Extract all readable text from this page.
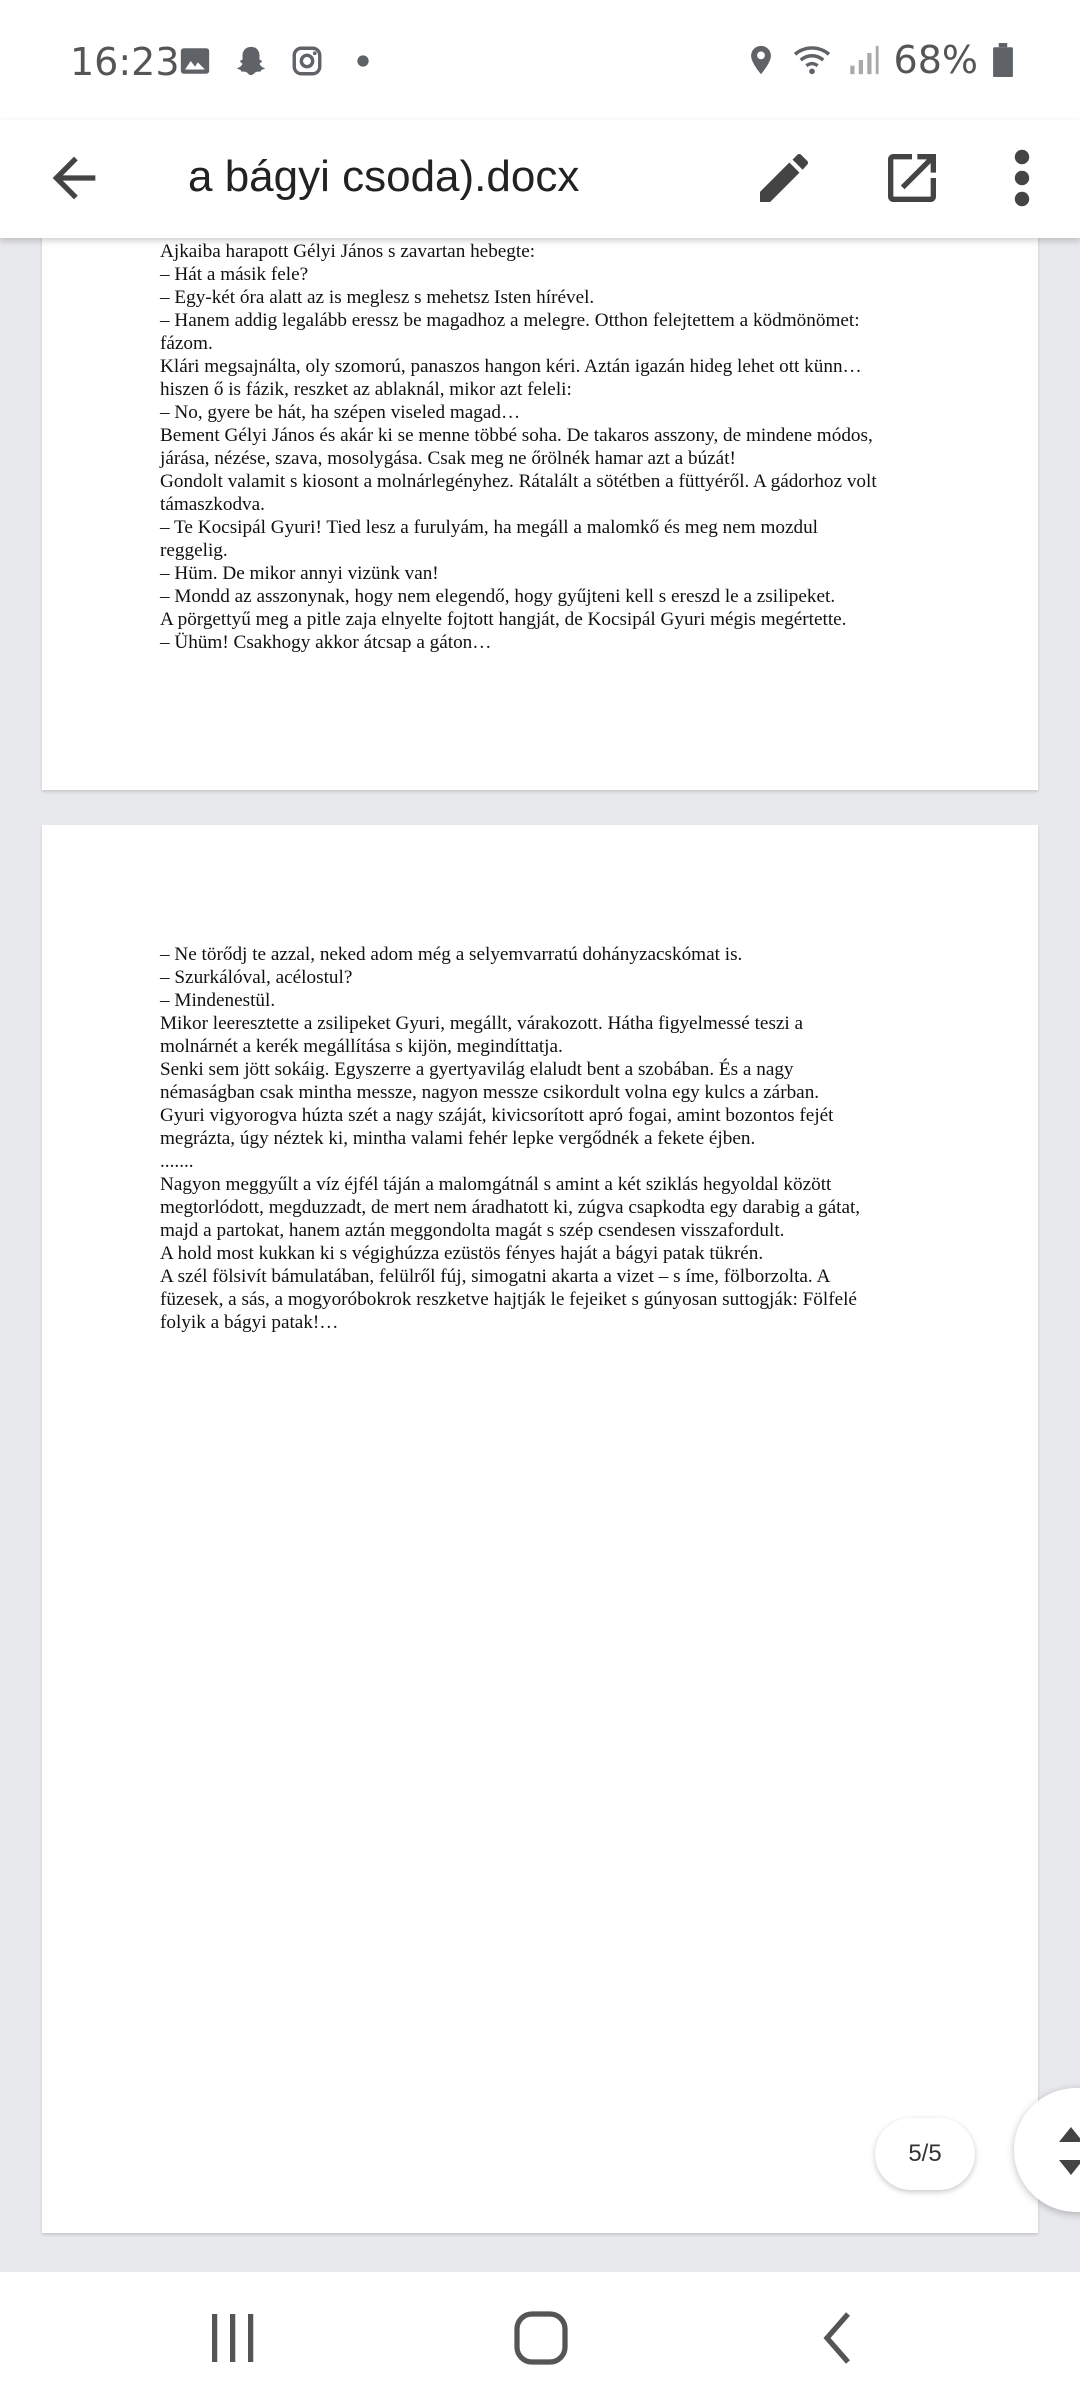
16:23	68%
a bágyi csoda).docx
Ajkaiba harapott Gélyi János s zavartan hebegte:
– Hát a másik fele?
– Egy-két óra alatt az is meglesz s mehetsz Isten hírével.
– Hanem addig legalább eressz be magadhoz a melegre. Otthon felejtettem a ködmönömet:
fázom.
Klári megsajnálta, oly szomorú, panaszos hangon kéri. Aztán igazán hideg lehet ott künn…
hiszen ő is fázik, reszket az ablaknál, mikor azt feleli:
– No, gyere be hát, ha szépen viseled magad…
Bement Gélyi János és akár ki se menne többé soha. De takaros asszony, de mindene módos,
járása, nézése, szava, mosolygása. Csak meg ne őrölnék hamar azt a búzát!
Gondolt valamit s kiosont a molnárlegényhez. Rátalált a sötétben a füttyéről. A gádorhoz volt
támaszkodva.
– Te Kocsipál Gyuri! Tied lesz a furulyám, ha megáll a malomkő és meg nem mozdul
reggelig.
– Hüm. De mikor annyi vizünk van!
– Mondd az asszonynak, hogy nem elegendő, hogy gyűjteni kell s ereszd le a zsilipeket.
A pörgettyű meg a pitle zaja elnyelte fojtott hangját, de Kocsipál Gyuri mégis megértette.
– Ühüm! Csakhogy akkor átcsap a gáton…
– Ne törődj te azzal, neked adom még a selyemvarratú dohányzacskómat is.
– Szurkálóval, acélostul?
– Mindenestül.
Mikor leeresztette a zsilipeket Gyuri, megállt, várakozott. Hátha figyelmessé teszi a
molnárnét a kerék megállítása s kijön, megindíttatja.
Senki sem jött sokáig. Egyszerre a gyertyavilág elaludt bent a szobában. És a nagy
némaságban csak mintha messze, nagyon messze csikordult volna egy kulcs a zárban.
Gyuri vigyorogva húzta szét a nagy száját, kivicsorított apró fogai, amint bozontos fejét
megrázta, úgy néztek ki, mintha valami fehér lepke vergődnék a fekete éjben.
.......
Nagyon meggyűlt a víz éjfél táján a malomgátnál s amint a két sziklás hegyoldal között
megtorlódott, megduzzadt, de mert nem áradhatott ki, zúgva csapkodta egy darabig a gátat,
majd a partokat, hanem aztán meggondolta magát s szép csendesen visszafordult.
A hold most kukkan ki s végighúzza ezüstös fényes haját a bágyi patak tükrén.
A szél fölsivít bámulatában, felülről fúj, simogatni akarta a vizet – s íme, fölborzolta. A
füzesek, a sás, a mogyoróbokrok reszketve hajtják le fejeiket s gúnyosan suttogják: Fölfelé
folyik a bágyi patak!…
5/5
